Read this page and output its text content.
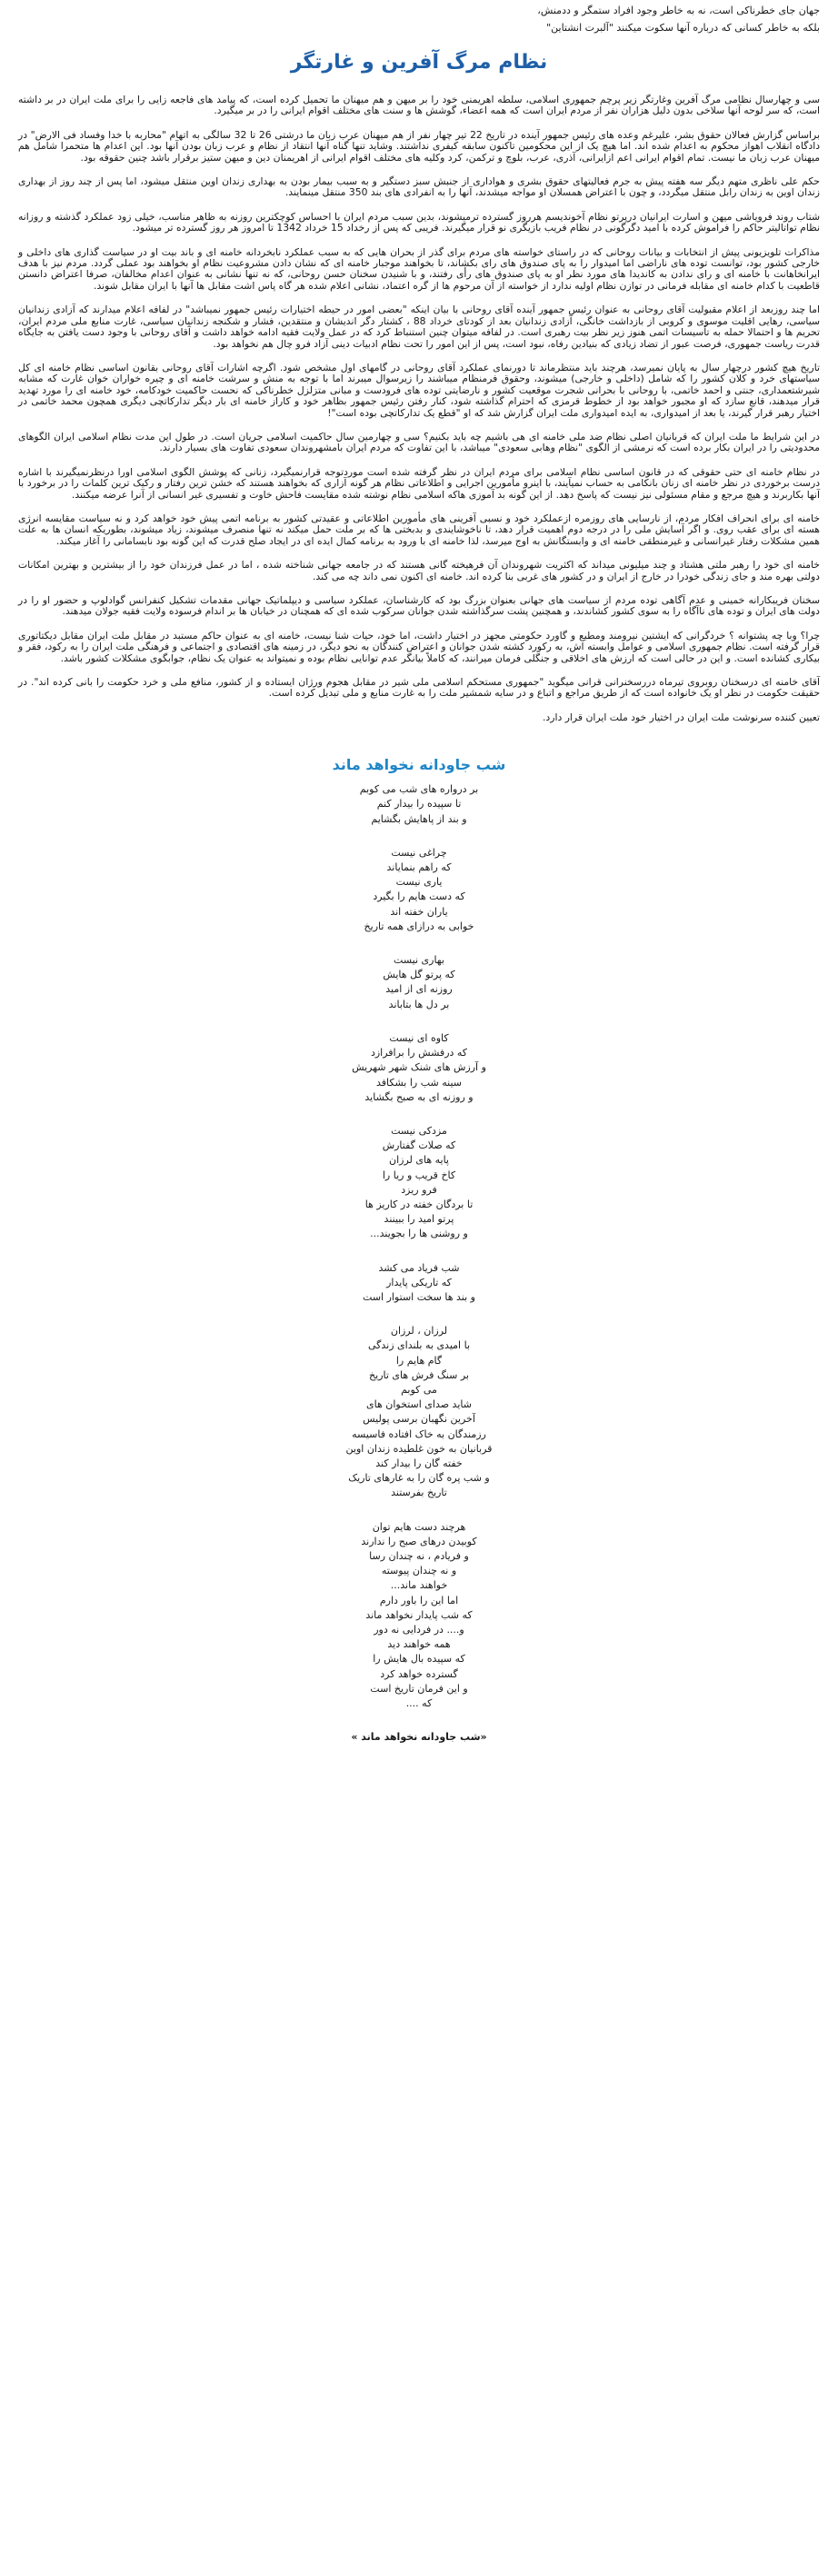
جهان جای خطرناکی است، نه به خاطر وجود افراد ستمگر و ددمنش،

بلکه به خاطر کسانی که درباره آنها سکوت میکنند "آلبرت انشتاین"

نظام مرگ آفرین و غارتگر

سی و چهارسال نظامی مرگ آفرین وغارتگر زیر پرچم جمهوری اسلامی، سلطه اهریمنی خود را بر میهن و هم میهنان ما تحمیل کرده است، که پیامد های فاجعه زایی را برای ملت ایران در بر داشته است، که سر لوحه آنها سلاخی بدون دلیل هزاران نفر از مردم ایران است که همه اعضاء، گوشش ها و سنت های مختلف اقوام ایرانی را در بر میگیرد.

براساس گزارش فعالان حقوق بشر، علیرغم وعده های رئیس جمهور آینده در تاریخ 22 تیر چهار نفر از هم میهنان عرب زبان ما درشتی 26 تا 32 سالگی به اتهام "محاربه با خدا وفساد فی الارض" در دادگاه انقلاب اهواز محکوم به اعدام شده اند. اما هیچ یک از این محکومین تاکنون سابقه کیفری نداشتند. وشاید تنها گناه آنها انتقاد از نظام و عرب زبان بودن آنها بود. این اعدام ها متحمرا شامل هم میهنان عرب زبان ما نیست. تمام اقوام ایرانی اعم ازایرانی، آذری، عرب، بلوچ و ترکمن، کرد وکلیه های مختلف اقوام ایرانی از اهریمنان دین و میهن ستیز برقرار باشد چنین حقوقه بود.

حکم علی ناظری متهم دیگر سه هفته پیش به جرم فعالیتهای حقوق بشری و هواداری از جنبش سبز دستگیر و به سبب بیمار بودن به بهداری زندان اوین منتقل میشود، اما پس از چند روز از بهداری زندان اوین به زندان رابل منتقل میگردد، و چون با اعتراض همسلان او مواجه میشدند، آنها را به انفرادی های بند 350 منتقل مینمایند.

شتاب روند فرویاشی میهن و اسارت ایرانیان درپرتو نظام آخوندیسم هرروز گسترده ترمیشوند، بدین سبب مردم ایران با احساس کوچکترین روزنه به ظاهر مناسب، خیلی زود عملکرد گذشته و روزانه نظام تواتالیتر حاکم را فراموش کرده با امید دگرگونی در نظام فریب بازیگری نو قرار میگیرند. فریبی که پس از رخداد 15 خرداد 1342 تا امروز هر روز گسترده تر میشود.

مذاکرات تلویزیونی پیش از انتخابات و بیانات روحانی که در راستای خواسته های مردم برای گذر از بحران هایی که به سبب عملکرد نابخردانه خامنه ای و باند بیت او در سیاست گذاری های داخلی و خارجی کشور بود، توانست توده های ناراضی اما امیدوار را به پای صندوق های رای بکشاند، تا بخواهند موجبار خامنه ای که نشان دادن مشروعیت نظام او بخواهند بود عملی گردد. مردم نیز با هدف ایرانخاهانت با خامنه ای و رای ندادن به کاندیدا های مورد نظر او به پای صندوق های رأی رفتند، و با شنیدن سخنان حسن روحانی، که نه تنها نشانی به عنوان اعدام مخالفان، صرفا اعتراض دانستن قاطعیت با کدام خامنه ای مقابله فرمانی در توازن نظام اولیه ندارد از خواسته از آن مرحوم ها از گره اعتماد، نشانی اعلام شده هر گاه پاس اشت مقابل ها آنها با ایران مقابل شوند.

اما چند روزبعد از اعلام مقبولیت آقای روحانی به عنوان رئیس جمهور آینده آقای روحانی با بیان اینکه "بعضی امور در حیطه اختیارات رئیس جمهور نمیباشد" در لفافه اعلام میدارند که آزادی زندانیان سیاسی، رهایی اقلیت موسوی و کروبی از بازداشت خانگی، آزادی زندانیان بعد از کودتای خرداد 88 ، کشتار دگر اندیشان و منتقدین، فشار و شکنجه زندانیان سیاسی، غارت منابع ملی مردم ایران، تحریم ها و احتمالا حمله به تأسیسات اتمی هنوز زیر نظر بیت رهبری است. در لفافه میتوان چنین استنباط کرد که در عمل ولایت فقیه ادامه خواهد داشت و آقای روحانی با وجود دست یافتن به جایگاه قدرت ریاست جمهوری، فرصت عبور از تضاد زیادی که بنیادین رفاه، نبود است، پس از این امور را تحت نظام ادبیات دینی آزاد فرو چال هم نخواهد بود.

تاریخ هیچ کشور درچهار سال به پایان نمیرسد، هرچند باید منتظرماند تا دورنمای عملکرد آقای روحانی در گامهای اول مشخص شود. اگرچه اشارات آقای روحانی بقانون اساسی نظام خامنه ای کل سیاستهای خرد و کلان کشور را که شامل (داخلی و خارجی) میشوند، وحقوق فرمنظام میباشند را زیرسوال میبرند اما با توجه به منش و سرشت خامنه ای و چیره خواران خوان غارت که مشابه شیرشتعمداری، جنتی و احمد خاتمی، با روحانی با بحرانی شجرت موقعیت کشور و نارضایتی توده های فرودست و مبانی متزلزل خطرناکی که نحست حاکمیت خودکامه، خود خامنه ای را مورد تهدید قرار میدهند، قانع سازد که او مجبور خواهد بود از خطوط قرمزی که احترام گذاشته شود، کنار رفتن رئیس جمهور بظاهر خود و کاراز خامنه ای بار دیگر تدارکاتچی دیگری همچون محمد خاتمی در اختیار رهبر قرار گیرند، یا بعد از امیدواری، به ایده امیدواری ملت ایران گزارش شد که او "قطع یک تدارکاتچی بوده است"!

در این شرایط ما ملت ایران که قربانیان اصلی نظام ضد ملی خامنه ای هی باشیم چه باید بکنیم؟ سی و چهارمین سال حاکمیت اسلامی جریان است. در طول این مدت نظام اسلامی ایران الگوهای محدودیتی را در ایران بکار برده است که نرمشی از الگوی "نظام وهابی سعودی" میباشد، با این تفاوت که مردم ایران بامشهروندان سعودی تفاوت های بسیار دارند.

در نظام خامنه ای حتی حقوقی که در قانون اساسی نظام اسلامی برای مردم ایران در نظر گرفته شده است موردتوجه قرارنمیگیرد، زنانی که پوشش الگوی اسلامی اورا درنظرنمیگیرند با اشاره درست برخوردی در نظر خامنه ای زنان بانکامی به حساب نمیآیند، با اینرو مأمورین اجرایی و اطلاعاتی نظام هر گونه آزاری که بخواهند هستند که خشن ترین رفتار و رکیک ترین کلمات را در برخورد با آنها بکاربرند و هیچ مرجع و مقام مسئولی نیز نیست که پاسخ دهد. از این گونه بد آموزی هاکه اسلامی نظام نوشته شده مقایست فاحش خاوت و تفسیری غیر انسانی از آنرا عرضه میکنند.

خامنه ای برای انحراف افکار مردم، از نارسایی های روزمره ازعملکرد خود و نسبی آفرینی های مأمورین اطلاعاتی و عقیدتی کشور به برنامه اتمی پیش خود خواهد کرد و نه سیاست مقایسه انرژی هسته ای برای عقب روی. و اگر آسایش ملی را در درجه دوم اهمیت قرار دهد، تا ناخوشایندی و بدبختی ها که بر ملت حمل میکند نه تنها منصرف میشوند، زیاد میشوند، بطوریکه انسان ها به علت همین مشکلات رفتار غیرانسانی و غیرمنطقی خامنه ای و وابستگانش به اوج میرسد، لذا خامنه ای با ورود به برنامه کمال ایده ای در ایجاد صلح قدرت که این گونه بود نابسامانی را آغاز میکند.

خامنه ای خود را رهبر ملتی هشتاد و چند میلیونی میداند که اکثریت شهروندان آن فرهیخته گانی هستند که در جامعه جهانی شناخته شده ، اما در عمل فرزندان خود را از بیشترین و بهترین امکانات دولتی بهره مند و جای زندگی خودرا در خارج از ایران و در کشور های غربی بنا کرده اند. خامنه ای اکنون نمی داند چه می کند.

سخنان فریبکارانه خمینی و عدم آگاهی توده مردم از سیاست های جهانی بعنوان بزرگ بود که کارشناسان، عملکرد سیاسی و دیپلماتیک جهانی مقدمات تشکیل کنفرانس گوادلوپ و حضور او را در دولت های ایران و توده های ناآگاه را به سوی کشور کشاندند، و همچنین پشت سرگذاشته شدن جوانان سرکوب شده ای که همچنان در خیابان ها بر اندام فرسوده ولایت فقیه جولان میدهند.

چرا؟ وبا چه پشتوانه ؟ خردگرانی که ایشتین نیرومند ومطیع و گاورد حکومتی مجهز در اختیار داشت، اما خود، حیات شنا نیست، خامنه ای به عنوان حاکم مستبد در مقابل ملت ایران مقابل دیکتاتوری قرار گرفته است. نظام جمهوری اسلامی و عوامل وابسته اش، به رکورد کشته شدن جوانان و اعتراض کنندگان به نحو دیگر، در زمینه های اقتصادی و اجتماعی و فرهنگی ملت ایران را به رکود، فقر و بیکاری کشانده است. و این در حالی است که ارزش های اخلاقی و جنگلی فرمان میرانند، که کاملاً بیانگر عدم توانایی نظام بوده و نمیتواند به عنوان یک نظام، جوابگوی مشکلات کشور باشد.

آقای خامنه ای درسخنان روبروی تیرماه دررسخنرانی قرانی میگوید "جمهوری مستحکم اسلامی ملی شیر در مقابل هجوم ورژان ایستاده و از کشور، منافع ملی و خرد حکومت را بانی کرده اند". در حقیقت حکومت در نظر او یک خانواده است که از طریق مراجع و اتباع و در سایه شمشیر ملت را به غارت منابع و ملی تبدیل کرده است.

تعیین کننده سرنوشت ملت ایران در اختیار خود ملت ایران قرار دارد.

شب جاودانه نخواهد ماند
بر درواره های شب می کوبم
تا سپیده را بیدار کنم
و بند از پاهایش بگشایم
چراغی نیست
که راهم بنمایاند
یاری نیست
که دست هایم را بگیرد
یاران خفته اند
خوابی به درازای همه تاریخ
بهاری نیست
که پرتو گل هایش
روزنه ای از امید
بر دل ها بتاباند
کاوه ای نیست
که درفشش را برافرازد
و آرزش های شنک شهر شهریش
سینه شب را بشکافد
و روزنه ای به صبح بگشاید
مزدکی نیست
که صلات گفتارش
پایه های لرزان
کاخ قریب و ریا را
فرو ریزد
تا بردگان خفته در کاریز ها
پرتو امید را ببینند
و روشنی ها را بجویند...
شب فریاد می کشد
که تاریکی پایدار
و بند ها سخت استوار است
لرزان ، لرزان
با امیدی به بلندای زندگی
گام هایم را
بر سنگ فرش های تاریخ
می کوبم
شاید صدای استخوان های
آخرین نگهبان برسی پولیس
رزمندگان به خاک افتاده فاسیسه
قربانیان به خون غلطیده زندان اوین
خفته گان را بیدار کند
و شب پره گان را به غارهای تاریک
تاریخ بفرستند
هرچند دست هایم توان
کوبیدن درهای صبح را ندارند
و فریادم ، نه چندان رسا
و نه چندان پیوسته
خواهند ماند...
اما این را باور دارم
که شب پایدار نخواهد ماند
و.... در فردایی نه دور
همه خواهند دید
که سپیده بال هایش را
گسترده خواهد کرد
و این فرمان تاریخ است
که ....
«شب جاودانه نخواهد ماند »
